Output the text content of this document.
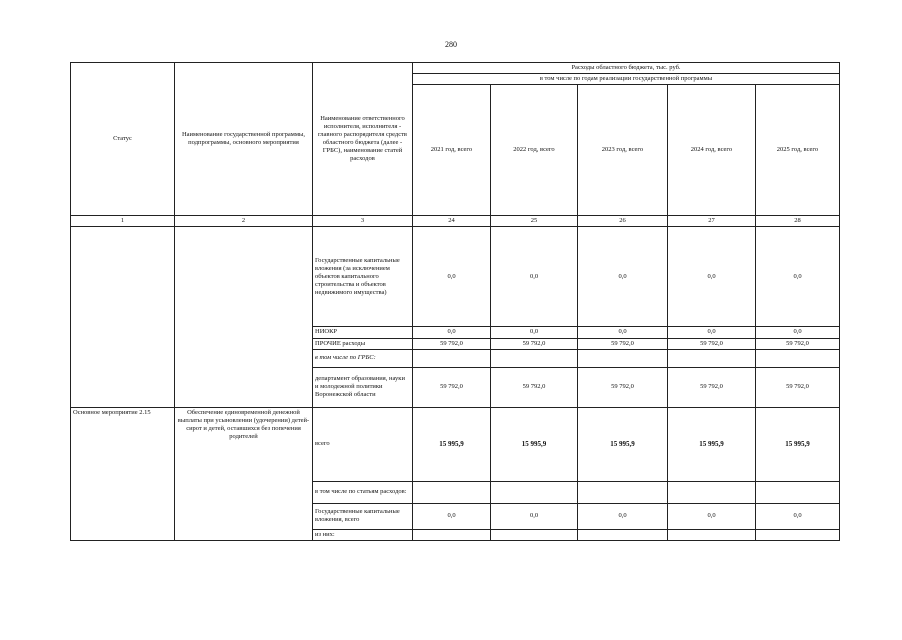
280
Статус	Наименование государственной программы, подпрограммы, основного мероприятия	Наименование ответственного исполнителя, исполнителя - главного распорядителя средств областного бюджета (далее - ГРБС), наименование статей расходов	Расходы областного бюджета, тыс. руб.				
			в том числе по годам реализации государственной программы				
			2021 год, всего	2022 год, всего	2023 год, всего	2024 год, всего	2025 год, всего
1	2	3	24	25	26	27	28
		Государственные капитальные вложения (за исключением объектов капитального строительства и объектов недвижимого имущества)	0,0	0,0	0,0	0,0	0,0
		НИОКР	0,0	0,0	0,0	0,0	0,0
		ПРОЧИЕ расходы	59 792,0	59 792,0	59 792,0	59 792,0	59 792,0
		в том числе по ГРБС:					
		департамент образования, науки и молодежной политики Воронежской области	59 792,0	59 792,0	59 792,0	59 792,0	59 792,0
Основное мероприятие 2.15	Обеспечение единовременной денежной выплаты при усыновлении (удочерении) детей-сирот и детей, оставшихся без попечения родителей	всего	15 995,9	15 995,9	15 995,9	15 995,9	15 995,9
		в том числе по статьям расходов:					
		Государственные капитальные вложения, всего	0,0	0,0	0,0	0,0	0,0
		из них:					
